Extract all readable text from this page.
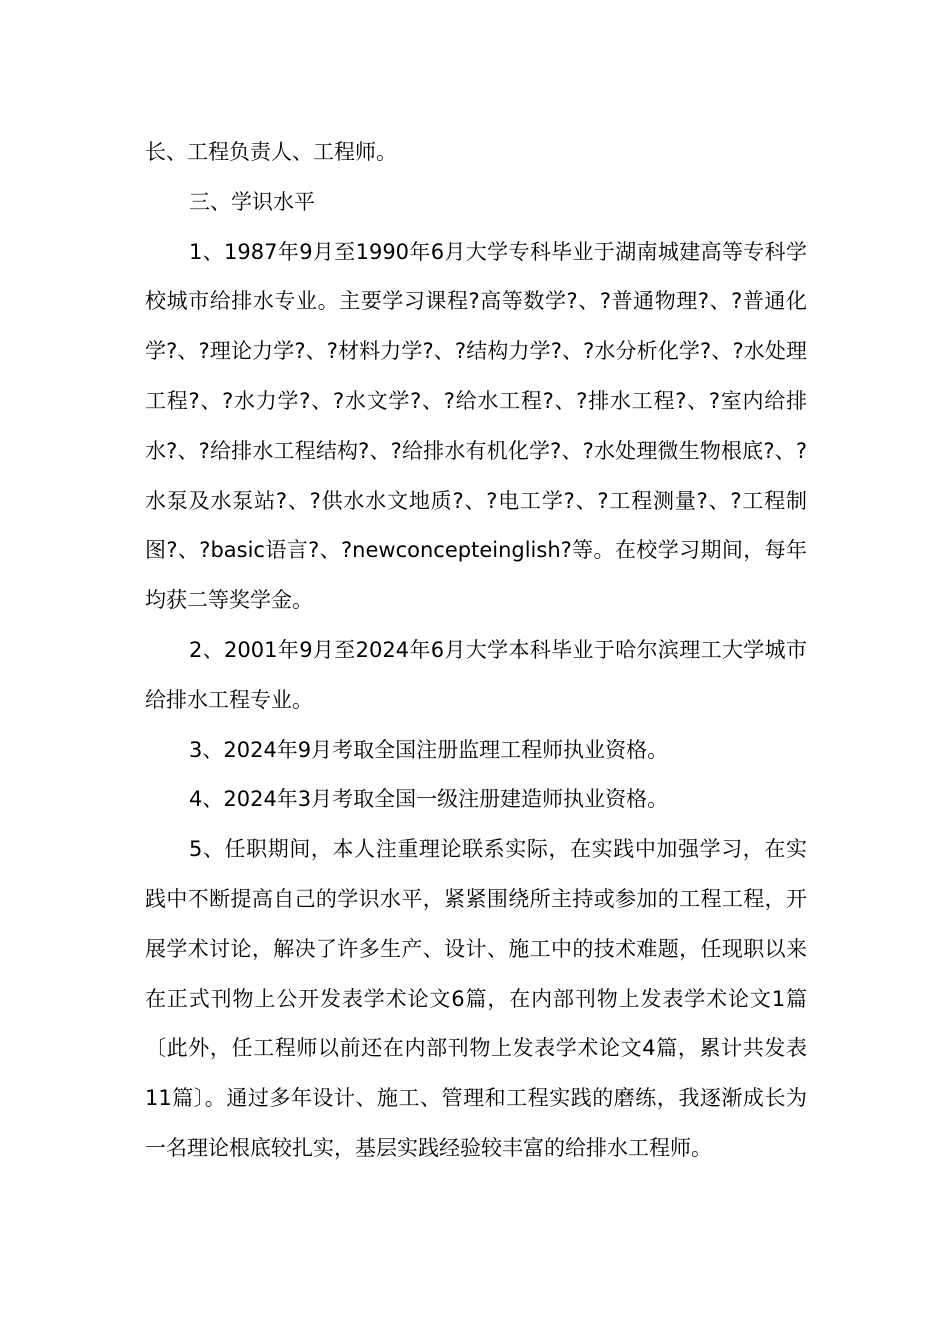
长、工程负责人、工程师。

三、学识水平

1、1987年9月至1990年6月大学专科毕业于湖南城建高等专科学校城市给排水专业。主要学习课程?高等数学?、?普通物理?、?普通化学?、?理论力学?、?材料力学?、?结构力学?、?水分析化学?、?水处理工程?、?水力学?、?水文学?、?给水工程?、?排水工程?、?室内给排水?、?给排水工程结构?、?给排水有机化学?、?水处理微生物根底?、?水泵及水泵站?、?供水水文地质?、?电工学?、?工程测量?、?工程制图?、?basic语言?、?newconcepteinglish?等。在校学习期间，每年均获二等奖学金。

2、2001年9月至2024年6月大学本科毕业于哈尔滨理工大学城市给排水工程专业。

3、2024年9月考取全国注册监理工程师执业资格。

4、2024年3月考取全国一级注册建造师执业资格。

5、任职期间，本人注重理论联系实际，在实践中加强学习，在实践中不断提高自己的学识水平，紧紧围绕所主持或参加的工程工程，开展学术讨论，解决了许多生产、设计、施工中的技术难题，任现职以来在正式刊物上公开发表学术论文6篇，在内部刊物上发表学术论文1篇〔此外，任工程师以前还在内部刊物上发表学术论文4篇，累计共发表11篇〕。通过多年设计、施工、管理和工程实践的磨练，我逐渐成长为一名理论根底较扎实，基层实践经验较丰富的给排水工程师。
